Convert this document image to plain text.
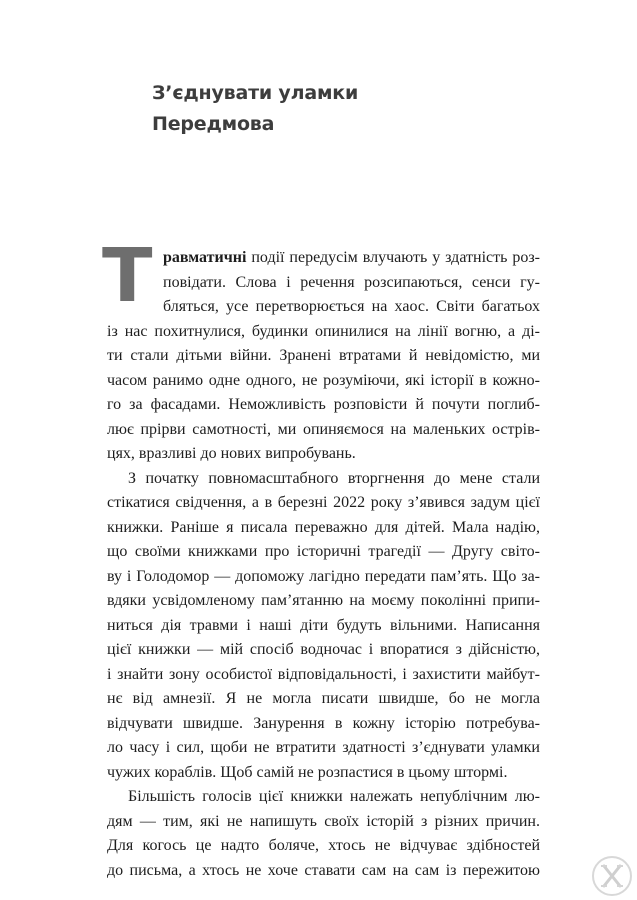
З’єднувати уламки
Передмова
Т равматичні події передусім влучають у здатність роз-
повідати. Слова і речення розсипаються, сенси гу-
бляться, усе перетворюється на хаос. Світи багатьох
із нас похитнулися, будинки опинилися на лінії вогню, а ді-
ти стали дітьми війни. Зранені втратами й невідомістю, ми
часом ранимо одне одного, не розуміючи, які історії в кожно-
го за фасадами. Неможливість розповісти й почути поглиб-
лює прірви самотності, ми опиняємося на маленьких острів-
цях, вразливі до нових випробувань.
З початку повномасштабного вторгнення до мене стали
стікатися свідчення, а в березні 2022 року з’явився задум цієї
книжки. Раніше я писала переважно для дітей. Мала надію,
що своїми книжками про історичні трагедії — Другу світо-
ву і Голодомор — допоможу лагідно передати пам’ять. Що за-
вдяки усвідомленому пам’ятанню на моєму поколінні припи-
ниться дія травми і наші діти будуть вільними. Написання
цієї книжки — мій спосіб водночас і впоратися з дійсністю,
і знайти зону особистої відповідальності, і захистити майбут-
нє від амнезії. Я не могла писати швидше, бо не могла
відчувати швидше. Занурення в кожну історію потребува-
ло часу і сил, щоби не втратити здатності з’єднувати уламки
чужих кораблів. Щоб самій не розпастися в цьому штормі.
Більшість голосів цієї книжки належать непублічним лю-
дям — тим, які не напишуть своїх історій з різних причин.
Для когось це надто боляче, хтось не відчуває здібностей
до письма, а хтось не хоче ставати сам на сам із пережитою
